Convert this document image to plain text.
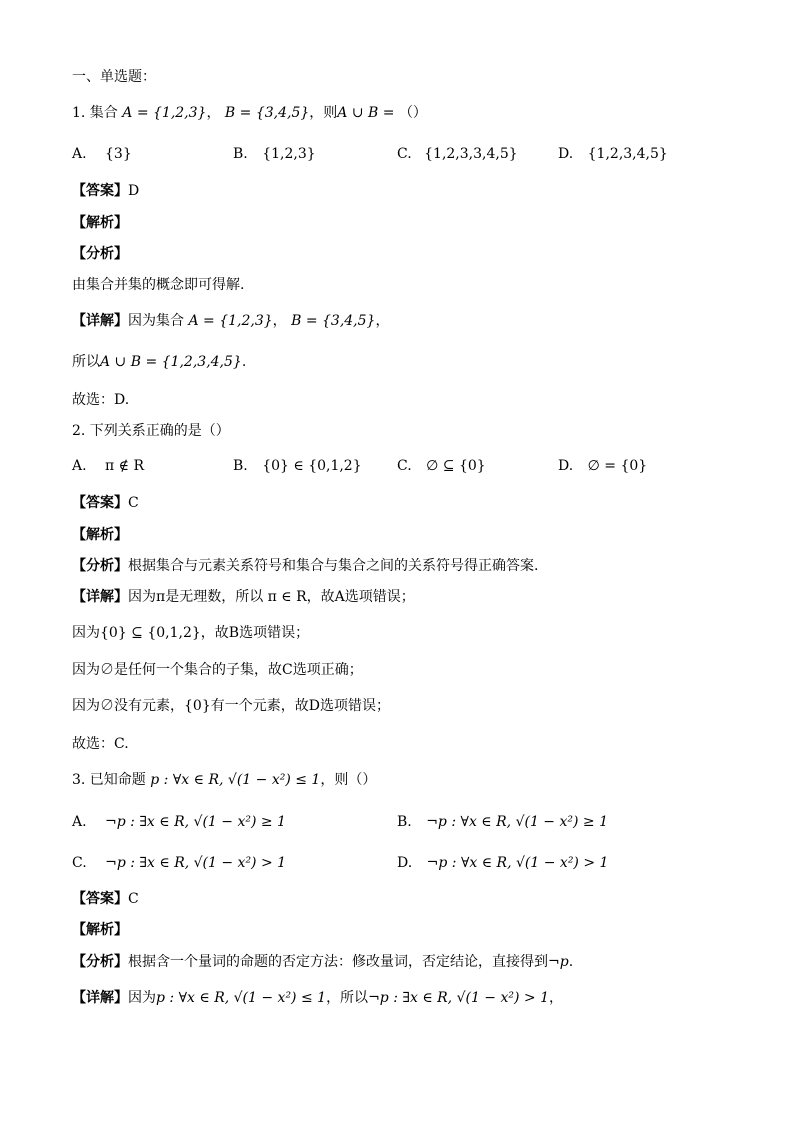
一、单选题：
1. 集合 A = {1,2,3}， B = {3,4,5}，则A ∪ B = （）
A. {3}	B. {1,2,3}	C. {1,2,3,3,4,5}	D. {1,2,3,4,5}
【答案】D
【解析】
【分析】
由集合并集的概念即可得解.
【详解】因为集合 A = {1,2,3}， B = {3,4,5}，
所以A ∪ B = {1,2,3,4,5}.
故选：D.
2. 下列关系正确的是（）
A. π ∉ R	B. {0} ∈ {0,1,2}	C. ∅ ⊆ {0}	D. ∅ = {0}
【答案】C
【解析】
【分析】根据集合与元素关系符号和集合与集合之间的关系符号得正确答案.
【详解】因为π是无理数，所以 π ∈ R，故A选项错误；
因为{0} ⊆ {0,1,2}，故B选项错误；
因为∅是任何一个集合的子集，故C选项正确；
因为∅没有元素，{0}有一个元素，故D选项错误；
故选：C.
3. 已知命题 p : ∀x ∈ R, √(1 − x²) ≤ 1，则（）
A. ¬p : ∃x ∈ R, √(1 − x²) ≥ 1	B. ¬p : ∀x ∈ R, √(1 − x²) ≥ 1
C. ¬p : ∃x ∈ R, √(1 − x²) > 1	D. ¬p : ∀x ∈ R, √(1 − x²) > 1
【答案】C
【解析】
【分析】根据含一个量词的命题的否定方法：修改量词，否定结论，直接得到¬p.
【详解】因为p : ∀x ∈ R, √(1 − x²) ≤ 1，所以¬p : ∃x ∈ R, √(1 − x²) > 1，
